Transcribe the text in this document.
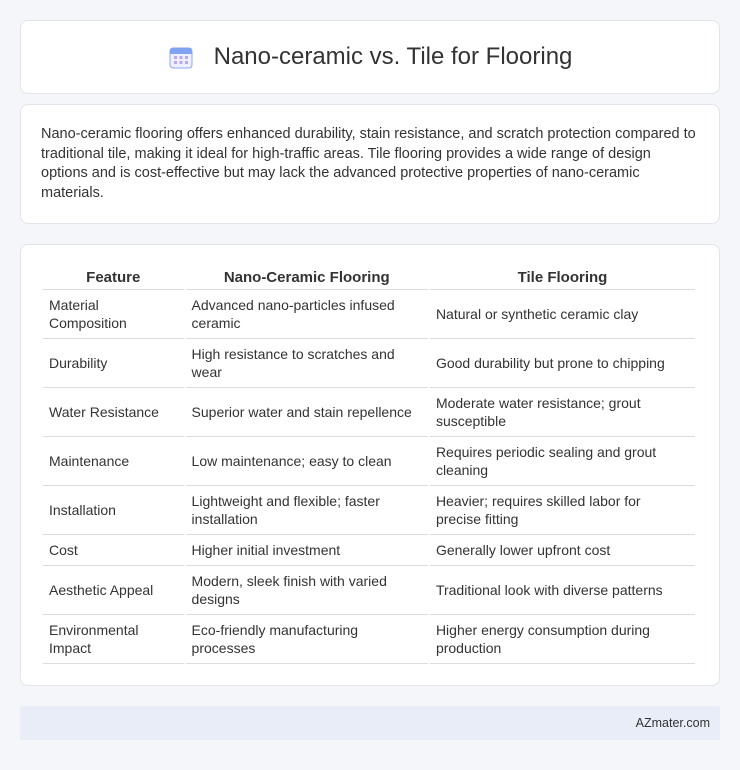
Nano-ceramic vs. Tile for Flooring

Nano-ceramic flooring offers enhanced durability, stain resistance, and scratch protection compared to traditional tile, making it ideal for high-traffic areas. Tile flooring provides a wide range of design options and is cost-effective but may lack the advanced protective properties of nano-ceramic materials.

Feature	Nano-Ceramic Flooring	Tile Flooring
Material Composition	Advanced nano-particles infused ceramic	Natural or synthetic ceramic clay
Durability	High resistance to scratches and wear	Good durability but prone to chipping
Water Resistance	Superior water and stain repellence	Moderate water resistance; grout susceptible
Maintenance	Low maintenance; easy to clean	Requires periodic sealing and grout cleaning
Installation	Lightweight and flexible; faster installation	Heavier; requires skilled labor for precise fitting
Cost	Higher initial investment	Generally lower upfront cost
Aesthetic Appeal	Modern, sleek finish with varied designs	Traditional look with diverse patterns
Environmental Impact	Eco-friendly manufacturing processes	Higher energy consumption during production
AZmater.com
